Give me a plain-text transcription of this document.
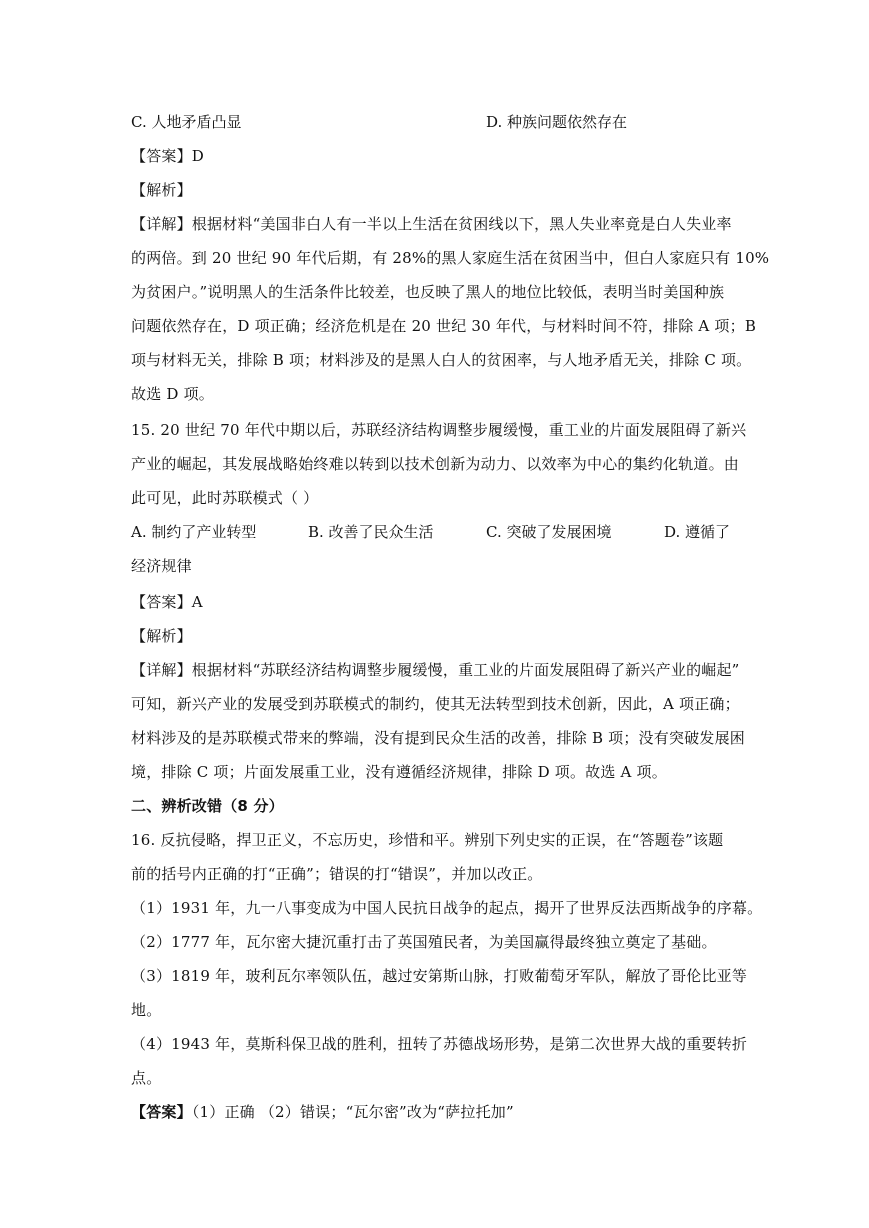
C. 人地矛盾凸显	D. 种族问题依然存在
【答案】D
【解析】
【详解】根据材料“美国非白人有一半以上生活在贫困线以下，黑人失业率竟是白人失业率
的两倍。到 20 世纪 90 年代后期，有 28%的黑人家庭生活在贫困当中，但白人家庭只有 10%
为贫困户。”说明黑人的生活条件比较差，也反映了黑人的地位比较低，表明当时美国种族
问题依然存在，D 项正确；经济危机是在 20 世纪 30 年代，与材料时间不符，排除 A 项；B
项与材料无关，排除 B 项；材料涉及的是黑人白人的贫困率，与人地矛盾无关，排除 C 项。
故选 D 项。
15. 20 世纪 70 年代中期以后，苏联经济结构调整步履缓慢，重工业的片面发展阻碍了新兴
产业的崛起，其发展战略始终难以转到以技术创新为动力、以效率为中心的集约化轨道。由
此可见，此时苏联模式（ ）
A. 制约了产业转型	B. 改善了民众生活	C. 突破了发展困境	D. 遵循了
经济规律
【答案】A
【解析】
【详解】根据材料“苏联经济结构调整步履缓慢，重工业的片面发展阻碍了新兴产业的崛起”
可知，新兴产业的发展受到苏联模式的制约，使其无法转型到技术创新，因此，A 项正确；
材料涉及的是苏联模式带来的弊端，没有提到民众生活的改善，排除 B 项；没有突破发展困
境，排除 C 项；片面发展重工业，没有遵循经济规律，排除 D 项。故选 A 项。
二、辨析改错（8 分）
16. 反抗侵略，捍卫正义，不忘历史，珍惜和平。辨别下列史实的正误，在“答题卷”该题
前的括号内正确的打“正确”；错误的打“错误”，并加以改正。
（1）1931 年，九一八事变成为中国人民抗日战争的起点，揭开了世界反法西斯战争的序幕。
（2）1777 年，瓦尔密大捷沉重打击了英国殖民者，为美国赢得最终独立奠定了基础。
（3）1819 年，玻利瓦尔率领队伍，越过安第斯山脉，打败葡萄牙军队，解放了哥伦比亚等
地。
（4）1943 年，莫斯科保卫战的胜利，扭转了苏德战场形势，是第二次世界大战的重要转折
点。
【答案】（1）正确 （2）错误；“瓦尔密”改为“萨拉托加”
